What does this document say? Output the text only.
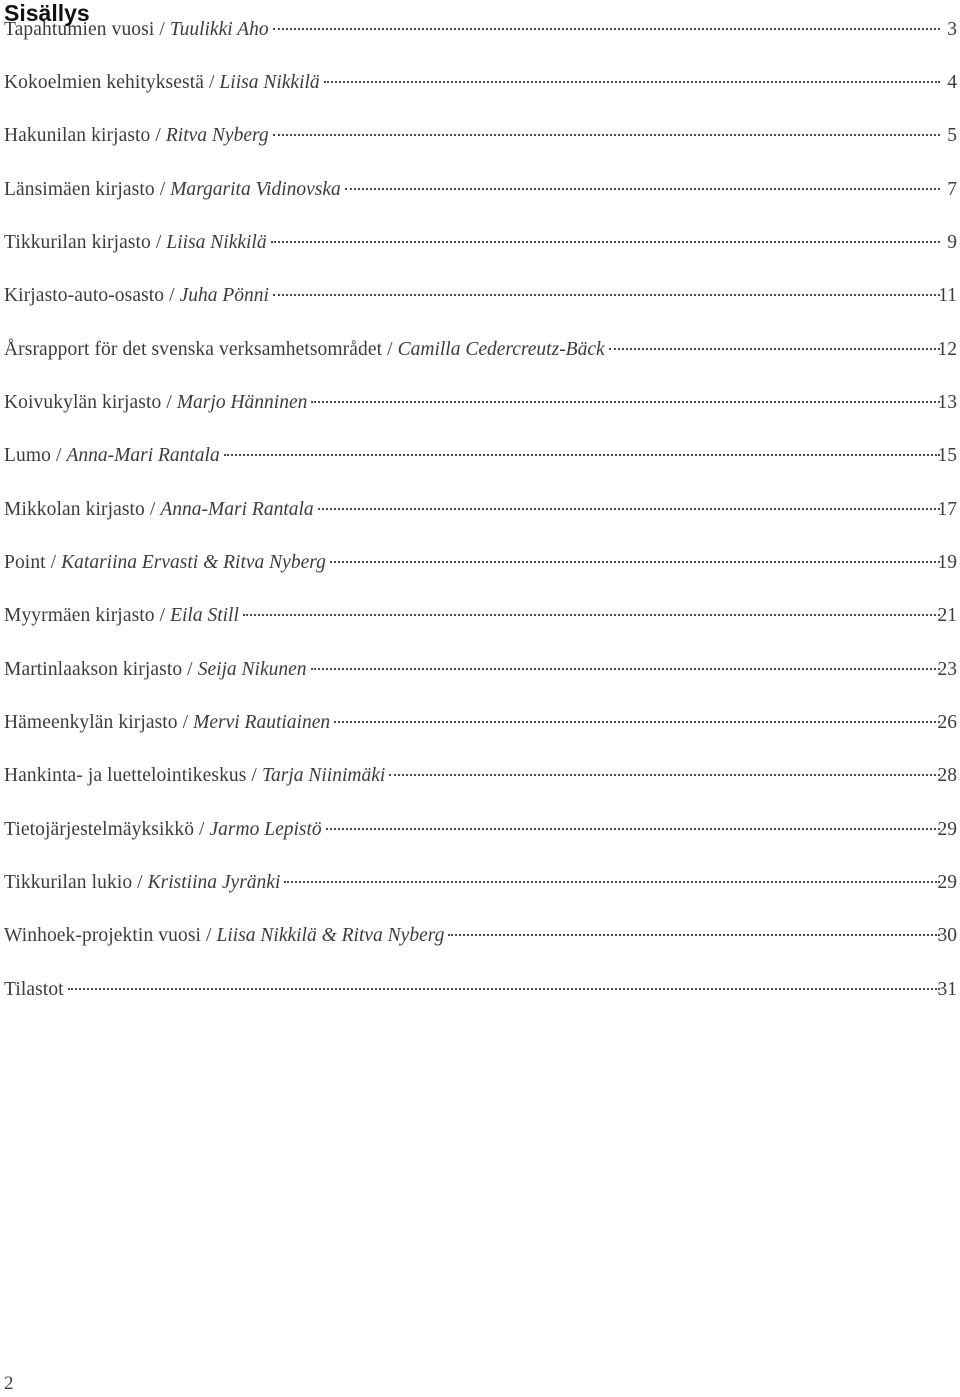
Sisällys
Tapahtumien vuosi / Tuulikki Aho	3
Kokoelmien kehityksestä / Liisa Nikkilä	4
Hakunilan kirjasto / Ritva Nyberg	5
Länsimäen kirjasto / Margarita Vidinovska	7
Tikkurilan kirjasto / Liisa Nikkilä	9
Kirjasto-auto-osasto / Juha Pönni	11
Årsrapport för det svenska verksamhetsområdet / Camilla Cedercreutz-Bäck	12
Koivukylän kirjasto / Marjo Hänninen	13
Lumo / Anna-Mari Rantala	15
Mikkolan kirjasto / Anna-Mari Rantala	17
Point / Katariina Ervasti & Ritva Nyberg	19
Myyrmäen kirjasto / Eila Still	21
Martinlaakson kirjasto / Seija Nikunen	23
Hämeenkylän kirjasto / Mervi Rautiainen	26
Hankinta- ja luettelointikeskus / Tarja Niinimäki	28
Tietojärjestelmäyksikkö / Jarmo Lepistö	29
Tikkurilan lukio / Kristiina Jyränki	29
Winhoek-projektin vuosi / Liisa Nikkilä & Ritva Nyberg	30
Tilastot	31
2
